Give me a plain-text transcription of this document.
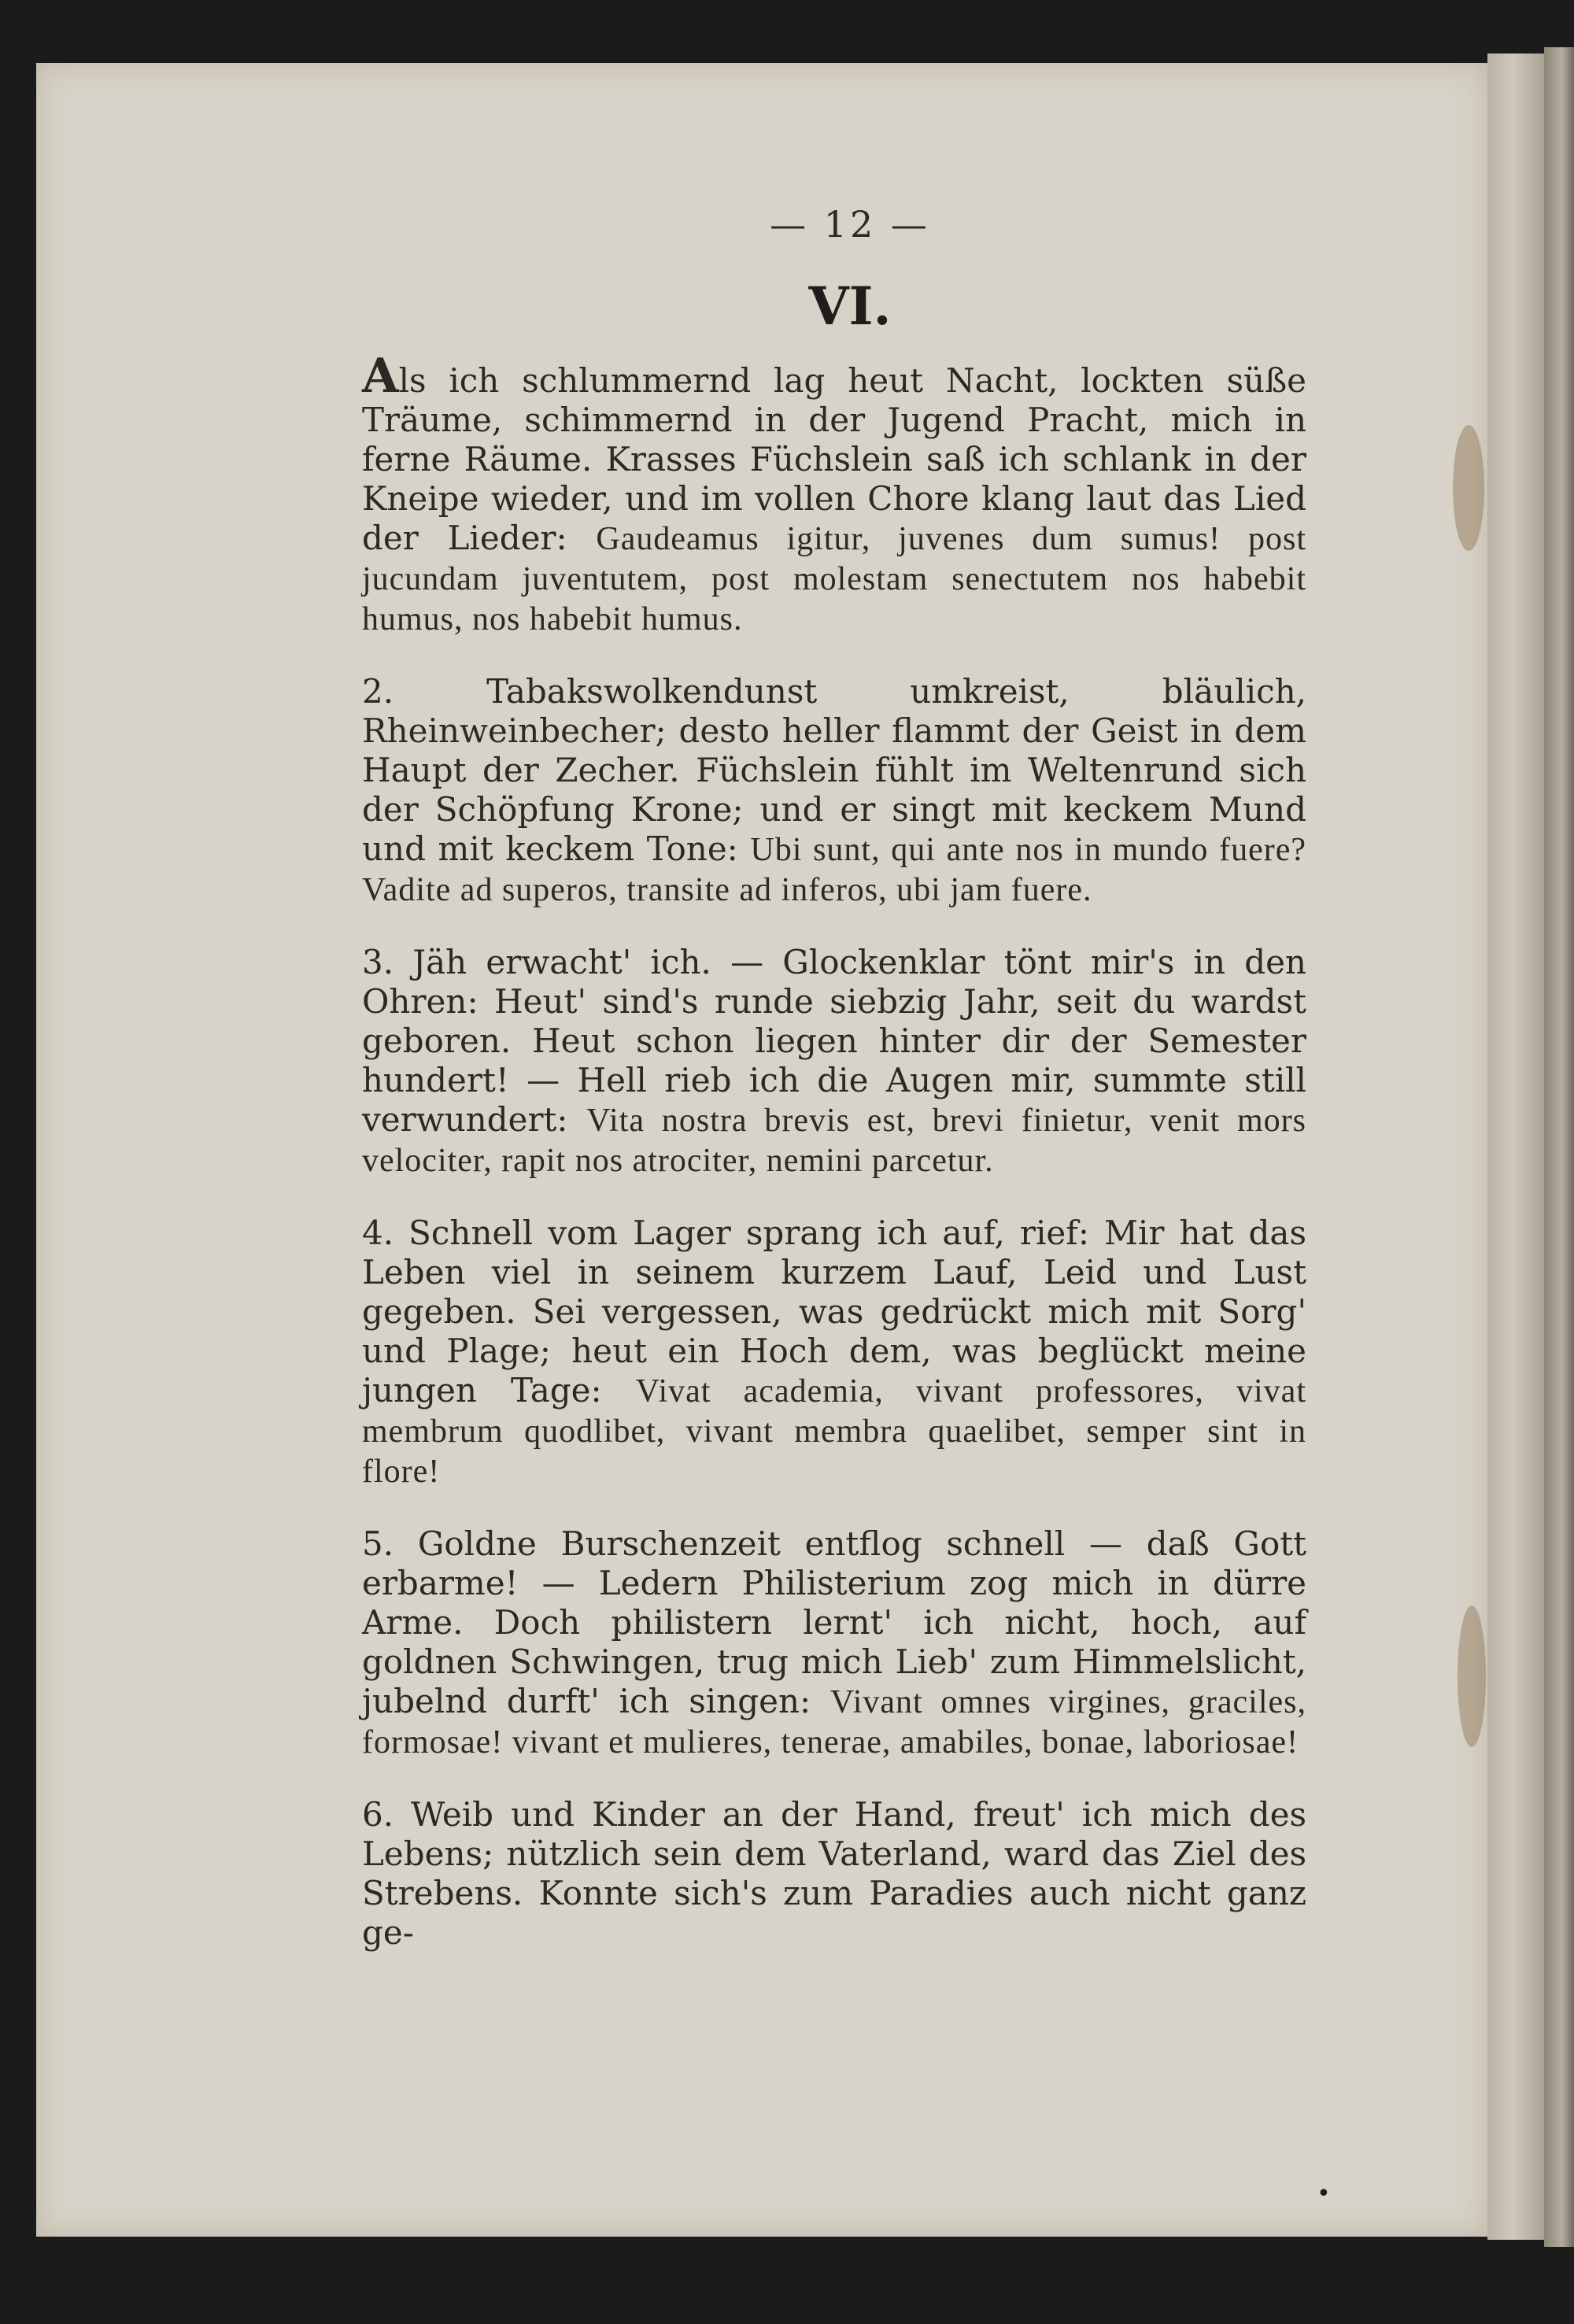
— 12 —
VI.

Als ich schlummernd lag heut Nacht, lockten süße Träume, schimmernd in der Jugend Pracht, mich in ferne Räume. Krasses Füchslein saß ich schlank in der Kneipe wieder, und im vollen Chore klang laut das Lied der Lieder: Gaudeamus igitur, juvenes dum sumus! post jucundam juventutem, post molestam senectutem nos habebit humus, nos habebit humus.

2.	Tabakswolkendunst umkreist, bläulich, Rheinweinbecher; desto heller flammt der Geist in dem Haupt der Zecher. Füchslein fühlt im Weltenrund sich der Schöpfung Krone; und er singt mit keckem Mund und mit keckem Tone: Ubi sunt, qui ante nos in mundo fuere? Vadite ad superos, transite ad inferos, ubi jam fuere.

3. Jäh erwacht' ich. — Glockenklar tönt mir's in den Ohren: Heut' sind's runde siebzig Jahr, seit du wardst geboren. Heut schon liegen hinter dir der Semester hundert! — Hell rieb ich die Augen mir, summte still verwundert: Vita nostra brevis est, brevi finietur, venit mors velociter, rapit nos atrociter, nemini parcetur.

4. Schnell vom Lager sprang ich auf, rief: Mir hat das Leben viel in seinem kurzem Lauf, Leid und Lust gegeben. Sei vergessen, was gedrückt mich mit Sorg' und Plage; heut ein Hoch dem, was beglückt meine jungen Tage: Vivat academia, vivant professores, vivat membrum quodlibet, vivant membra quaelibet, semper sint in flore!

5. Goldne Burschenzeit entflog schnell — daß Gott erbarme! — Ledern Philisterium zog mich in dürre Arme. Doch philistern lernt' ich nicht, hoch, auf goldnen Schwingen, trug mich Lieb' zum Himmelslicht, jubelnd durft' ich singen: Vivant omnes virgines, graciles, formosae! vivant et mulieres, tenerae, amabiles, bonae, laboriosae!

6. Weib und Kinder an der Hand, freut' ich mich des Lebens; nützlich sein dem Vaterland, ward das Ziel des Strebens. Konnte sich's zum Paradies auch nicht ganz ge-

•
